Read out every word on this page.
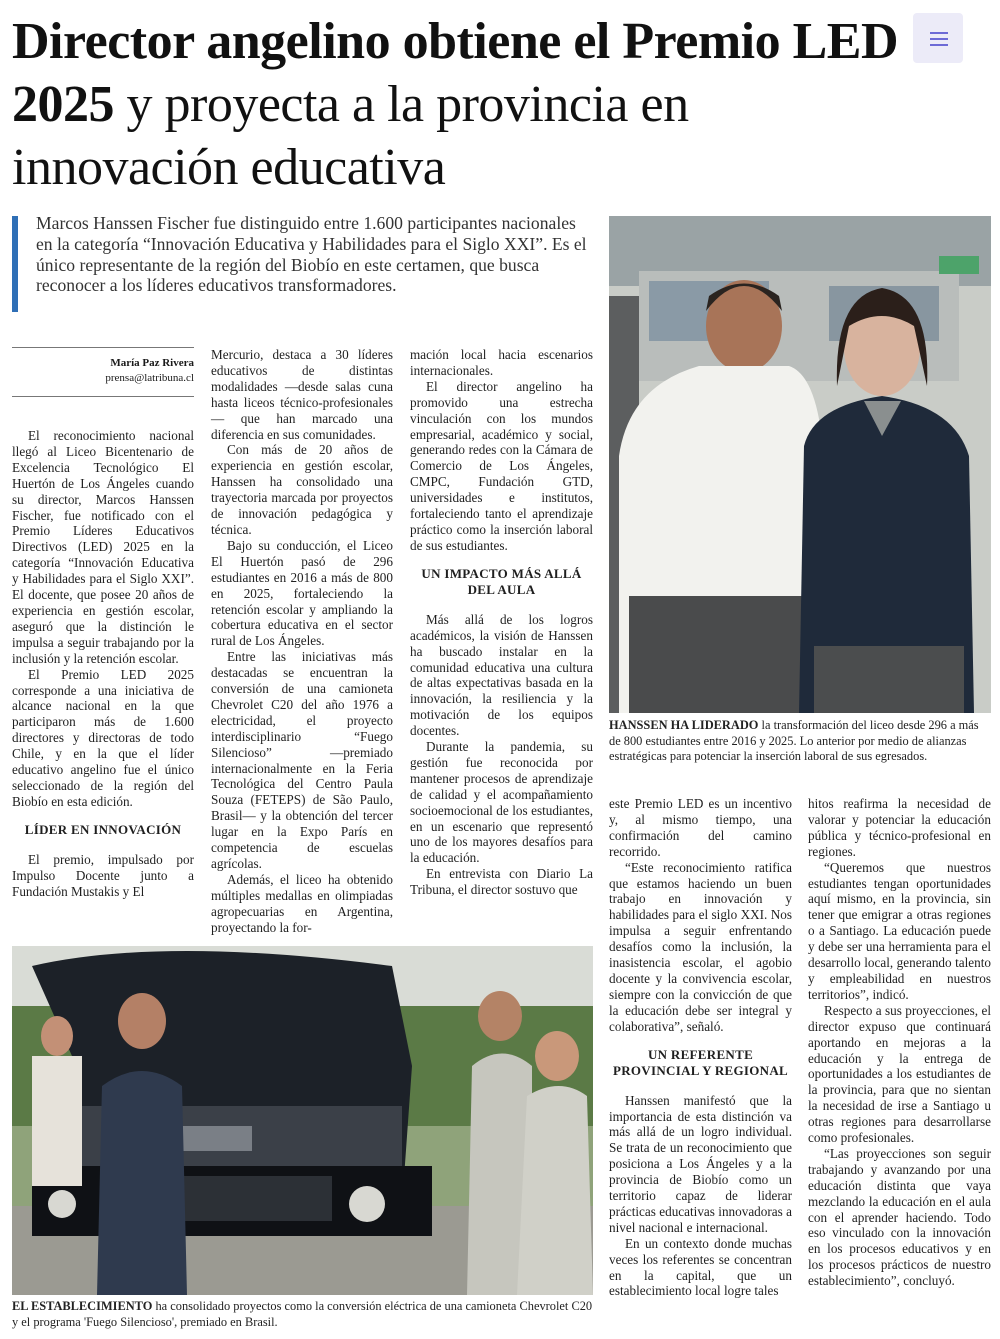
Director angelino obtiene el Premio LED 2025 y proyecta a la provincia en innovación educativa

Marcos Hanssen Fischer fue distinguido entre 1.600 participantes nacionales en la categoría “Innovación Educativa y Habilidades para el Siglo XXI”. Es el único representante de la región del Biobío en este certamen, que busca reconocer a los líderes educativos transformadores.

María Paz Rivera
prensa@latribuna.cl

El reconocimiento nacional llegó al Liceo Bicentenario de Excelencia Tecnológico El Huertón de Los Ángeles cuando su director, Marcos Hanssen Fischer, fue notificado con el Premio Líderes Educativos Directivos (LED) 2025 en la categoría “Innovación Educativa y Habilidades para el Siglo XXI”. El docente, que posee 20 años de experiencia en gestión escolar, aseguró que la distinción le impulsa a seguir trabajando por la inclusión y la retención escolar.

El Premio LED 2025 corresponde a una iniciativa de alcance nacional en la que participaron más de 1.600 directores y directoras de todo Chile, y en la que el líder educativo angelino fue el único seleccionado de la región del Biobío en esta edición.

LÍDER EN INNOVACIÓN

El premio, impulsado por Impulso Docente junto a Fundación Mustakis y El

Mercurio, destaca a 30 líderes educativos de distintas modalidades —desde salas cuna hasta liceos técnico-profesionales— que han marcado una diferencia en sus comunidades.

Con más de 20 años de experiencia en gestión escolar, Hanssen ha consolidado una trayectoria marcada por proyectos de innovación pedagógica y técnica.

Bajo su conducción, el Liceo El Huertón pasó de 296 estudiantes en 2016 a más de 800 en 2025, fortaleciendo la retención escolar y ampliando la cobertura educativa en el sector rural de Los Ángeles.

Entre las iniciativas más destacadas se encuentran la conversión de una camioneta Chevrolet C20 del año 1976 a electricidad, el proyecto interdisciplinario “Fuego Silencioso” —premiado internacionalmente en la Feria Tecnológica del Centro Paula Souza (FETEPS) de São Paulo, Brasil— y la obtención del tercer lugar en la Expo París en competencia de escuelas agrícolas.

Además, el liceo ha obtenido múltiples medallas en olimpiadas agropecuarias en Argentina, proyectando la for-

mación local hacia escenarios internacionales.

El director angelino ha promovido una estrecha vinculación con los mundos empresarial, académico y social, generando redes con la Cámara de Comercio de Los Ángeles, CMPC, Fundación GTD, universidades e institutos, fortaleciendo tanto el aprendizaje práctico como la inserción laboral de sus estudiantes.

UN IMPACTO MÁS ALLÁ DEL AULA

Más allá de los logros académicos, la visión de Hanssen ha buscado instalar en la comunidad educativa una cultura de altas expectativas basada en la innovación, la resiliencia y la motivación de los equipos docentes.

Durante la pandemia, su gestión fue reconocida por mantener procesos de aprendizaje de calidad y el acompañamiento socioemocional de los estudiantes, en un escenario que representó uno de los mayores desafíos para la educación.

En entrevista con Diario La Tribuna, el director sostuvo que

HANSSEN HA LIDERADO la transformación del liceo desde 296 a más de 800 estudiantes entre 2016 y 2025. Lo anterior por medio de alianzas estratégicas para potenciar la inserción laboral de sus egresados.

este Premio LED es un incentivo y, al mismo tiempo, una confirmación del camino recorrido.

“Este reconocimiento ratifica que estamos haciendo un buen trabajo en innovación y habilidades para el siglo XXI. Nos impulsa a seguir enfrentando desafíos como la inclusión, la inasistencia escolar, el agobio docente y la convivencia escolar, siempre con la convicción de que la educación debe ser integral y colaborativa”, señaló.

UN REFERENTE PROVINCIAL Y REGIONAL

Hanssen manifestó que la importancia de esta distinción va más allá de un logro individual. Se trata de un reconocimiento que posiciona a Los Ángeles y a la provincia de Biobío como un territorio capaz de liderar prácticas educativas innovadoras a nivel nacional e internacional.

En un contexto donde muchas veces los referentes se concentran en la capital, que un establecimiento local logre tales

hitos reafirma la necesidad de valorar y potenciar la educación pública y técnico-profesional en regiones.

“Queremos que nuestros estudiantes tengan oportunidades aquí mismo, en la provincia, sin tener que emigrar a otras regiones o a Santiago. La educación puede y debe ser una herramienta para el desarrollo local, generando talento y empleabilidad en nuestros territorios”, indicó.

Respecto a sus proyecciones, el director expuso que continuará aportando en mejoras a la educación y la entrega de oportunidades a los estudiantes de la provincia, para que no sientan la necesidad de irse a Santiago u otras regiones para desarrollarse como profesionales.

“Las proyecciones son seguir trabajando y avanzando por una educación distinta que vaya mezclando la educación en el aula con el aprender haciendo. Todo eso vinculado con la innovación en los procesos educativos y en los procesos prácticos de nuestro establecimiento”, concluyó.

EL ESTABLECIMIENTO ha consolidado proyectos como la conversión eléctrica de una camioneta Chevrolet C20 y el programa 'Fuego Silencioso', premiado en Brasil.
